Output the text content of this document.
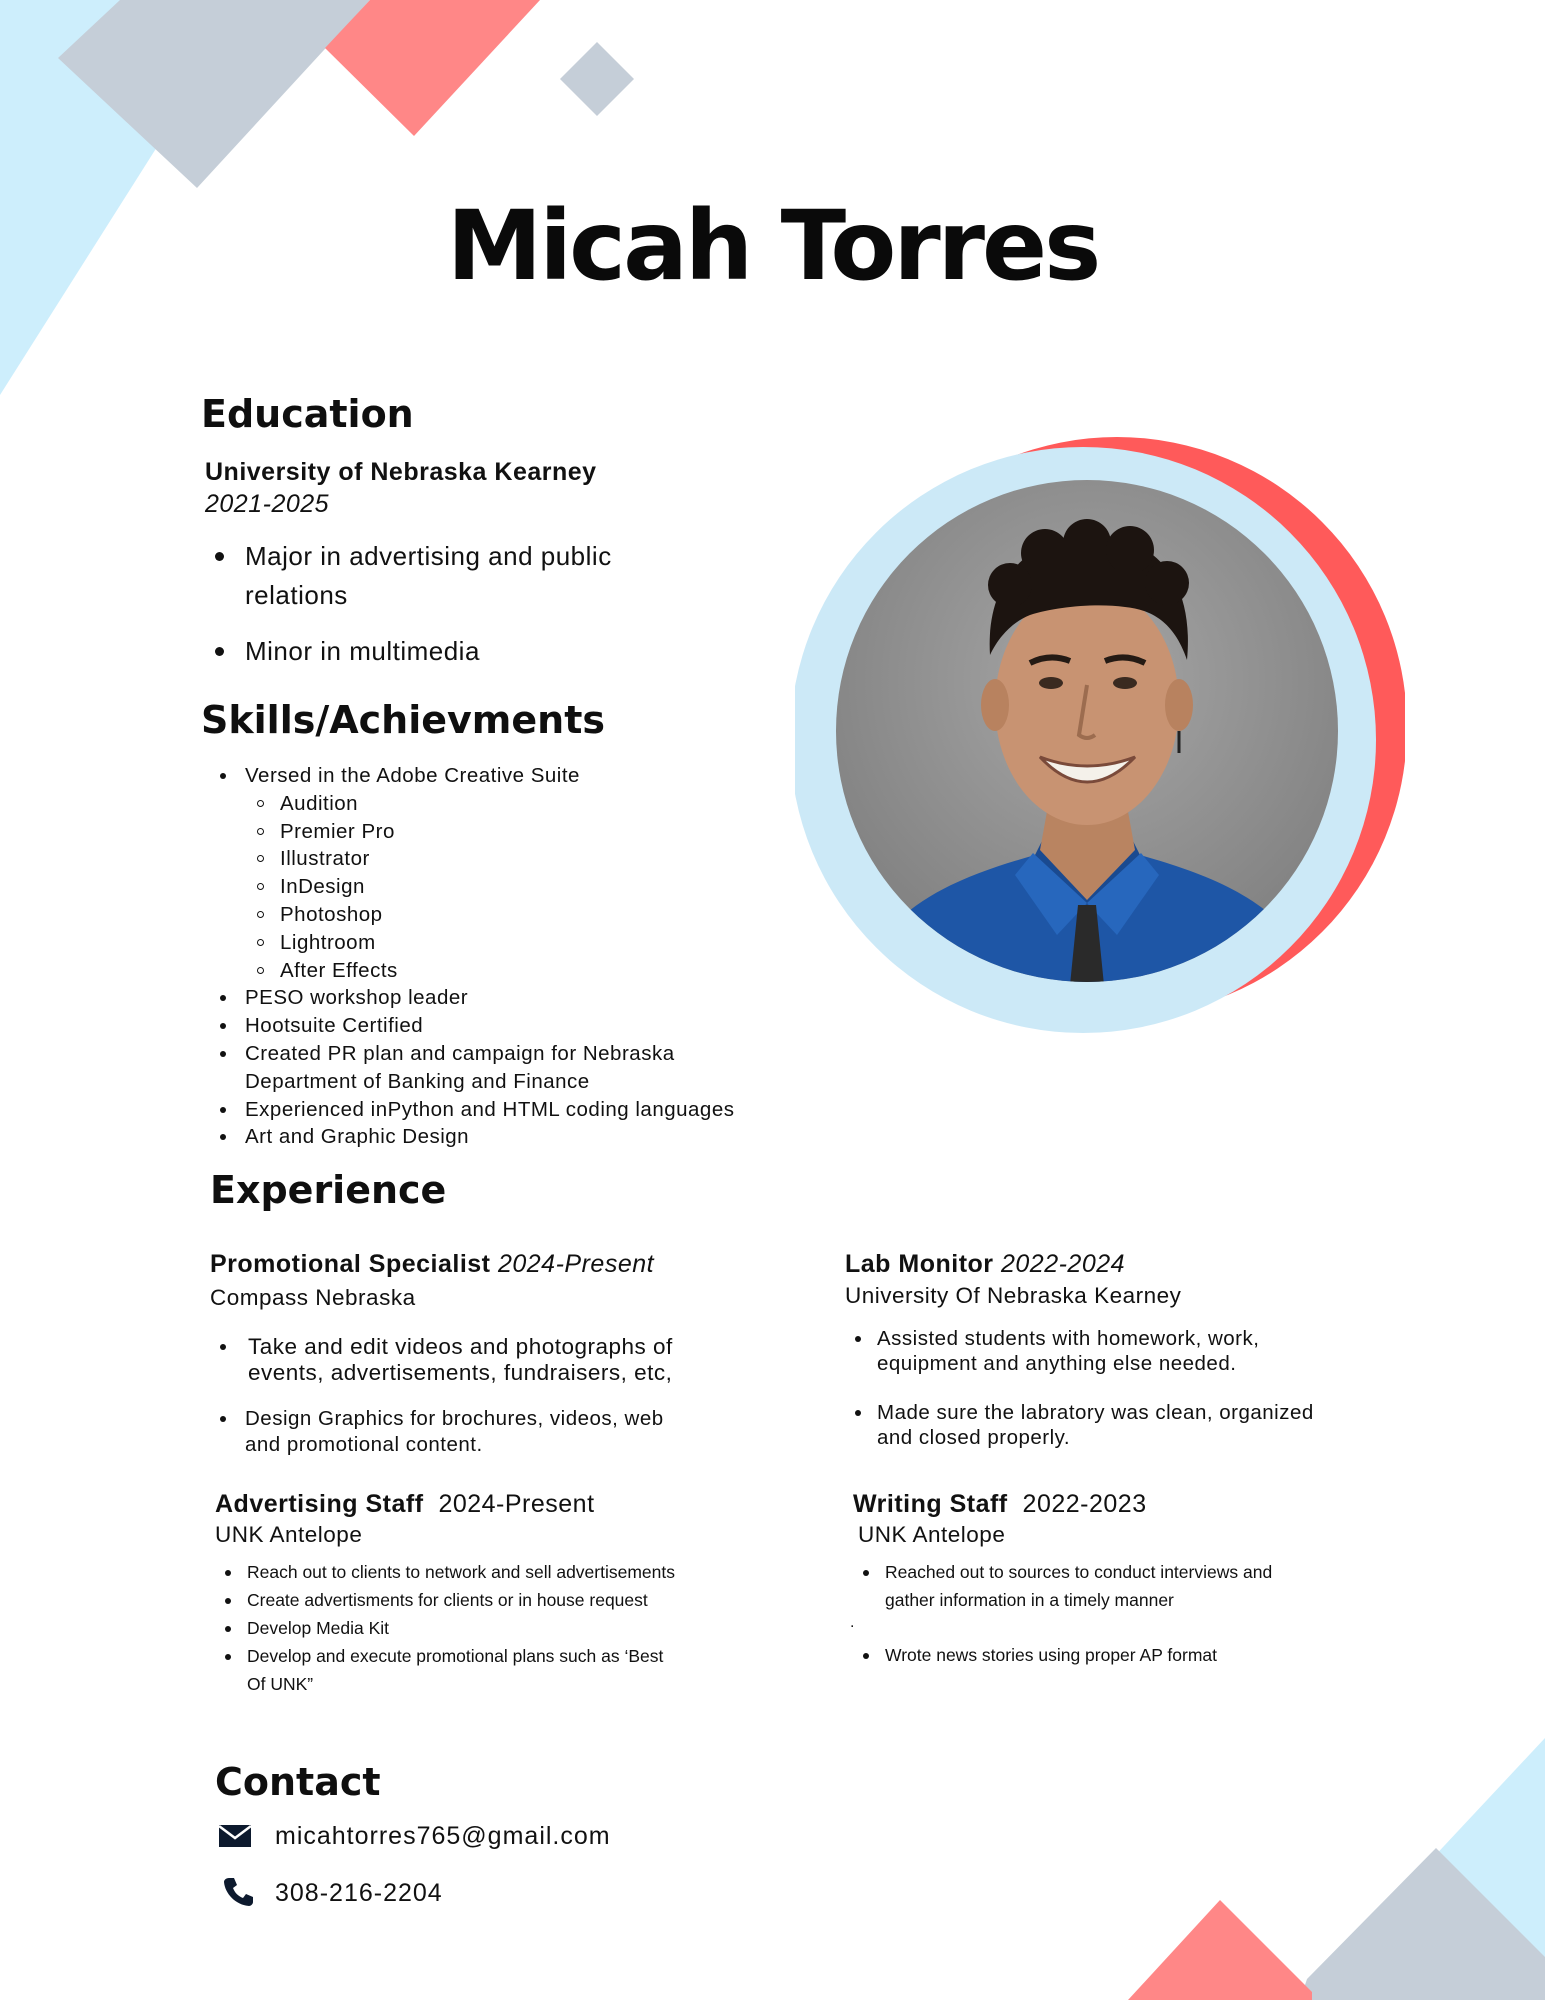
Micah Torres
Education
University of Nebraska Kearney
2021-2025
Major in advertising and public relations
Minor in multimedia
Skills/Achievments
Versed in the Adobe Creative Suite
Audition
Premier Pro
Illustrator
InDesign
Photoshop
Lightroom
After Effects
PESO workshop leader
Hootsuite Certified
Created PR plan and campaign for Nebraska Department of Banking and Finance
Experienced inPython and HTML coding languages
Art and Graphic Design
Experience
Promotional Specialist 2024-Present
Compass Nebraska
Take and edit videos and photographs of events, advertisements, fundraisers, etc,
Design Graphics for brochures, videos, web and promotional content.
Lab Monitor 2022-2024
University Of Nebraska Kearney
Assisted students with homework, work, equipment and anything else needed.
Made sure the labratory was clean, organized and closed properly.
Advertising Staff 2024-Present
UNK Antelope
Reach out to clients to network and sell advertisements
Create advertisments for clients or in house request
Develop Media Kit
Develop and execute promotional plans such as ‘Best Of UNK”
Writing Staff 2022-2023
UNK Antelope
Reached out to sources to conduct interviews and gather information in a timely manner
.
Wrote news stories using proper AP format
Contact
micahtorres765@gmail.com
308-216-2204
